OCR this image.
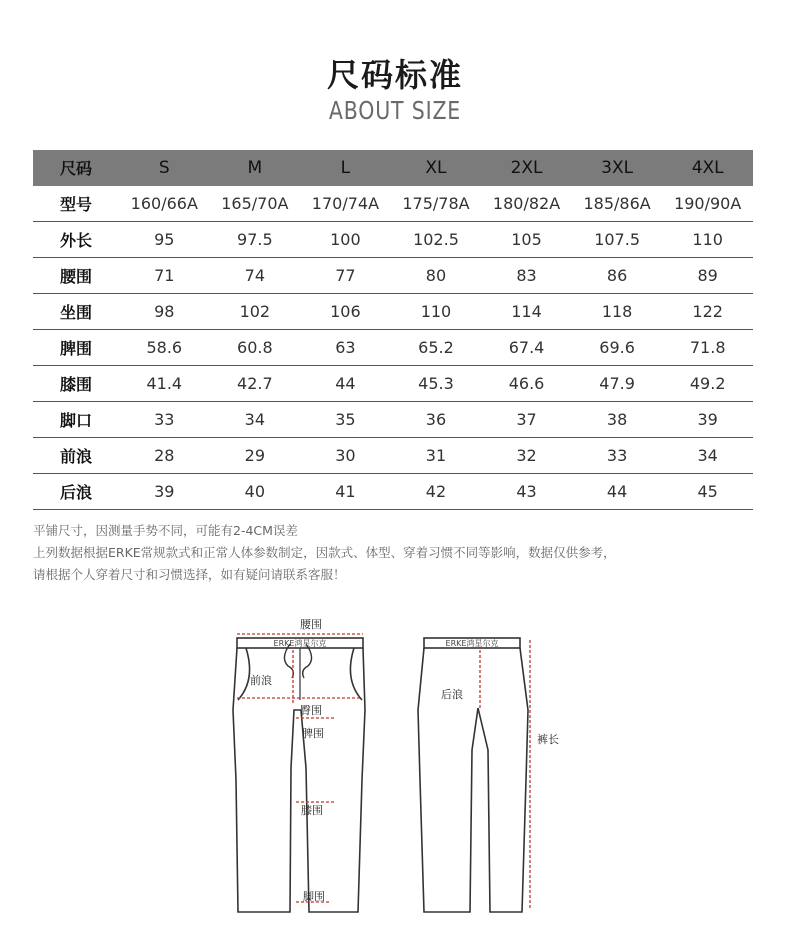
尺码标准
ABOUT SIZE
尺码	S	M	L	XL	2XL	3XL	4XL
型号	160/66A	165/70A	170/74A	175/78A	180/82A	185/86A	190/90A
外长	95	97.5	100	102.5	105	107.5	110
腰围	71	74	77	80	83	86	89
坐围	98	102	106	110	114	118	122
脾围	58.6	60.8	63	65.2	67.4	69.6	71.8
膝围	41.4	42.7	44	45.3	46.6	47.9	49.2
脚口	33	34	35	36	37	38	39
前浪	28	29	30	31	32	33	34
后浪	39	40	41	42	43	44	45
平铺尺寸，因测量手势不同，可能有2-4CM误差
上列数据根据ERKE常规款式和正常人体参数制定，因款式、体型、穿着习惯不同等影响，数据仅供参考，
请根据个人穿着尺寸和习惯选择，如有疑问请联系客服！
ERKE鸿星尔克
腰围
前浪
臀围
脾围
膝围
脚围
ERKE鸿星尔克
后浪
裤长
